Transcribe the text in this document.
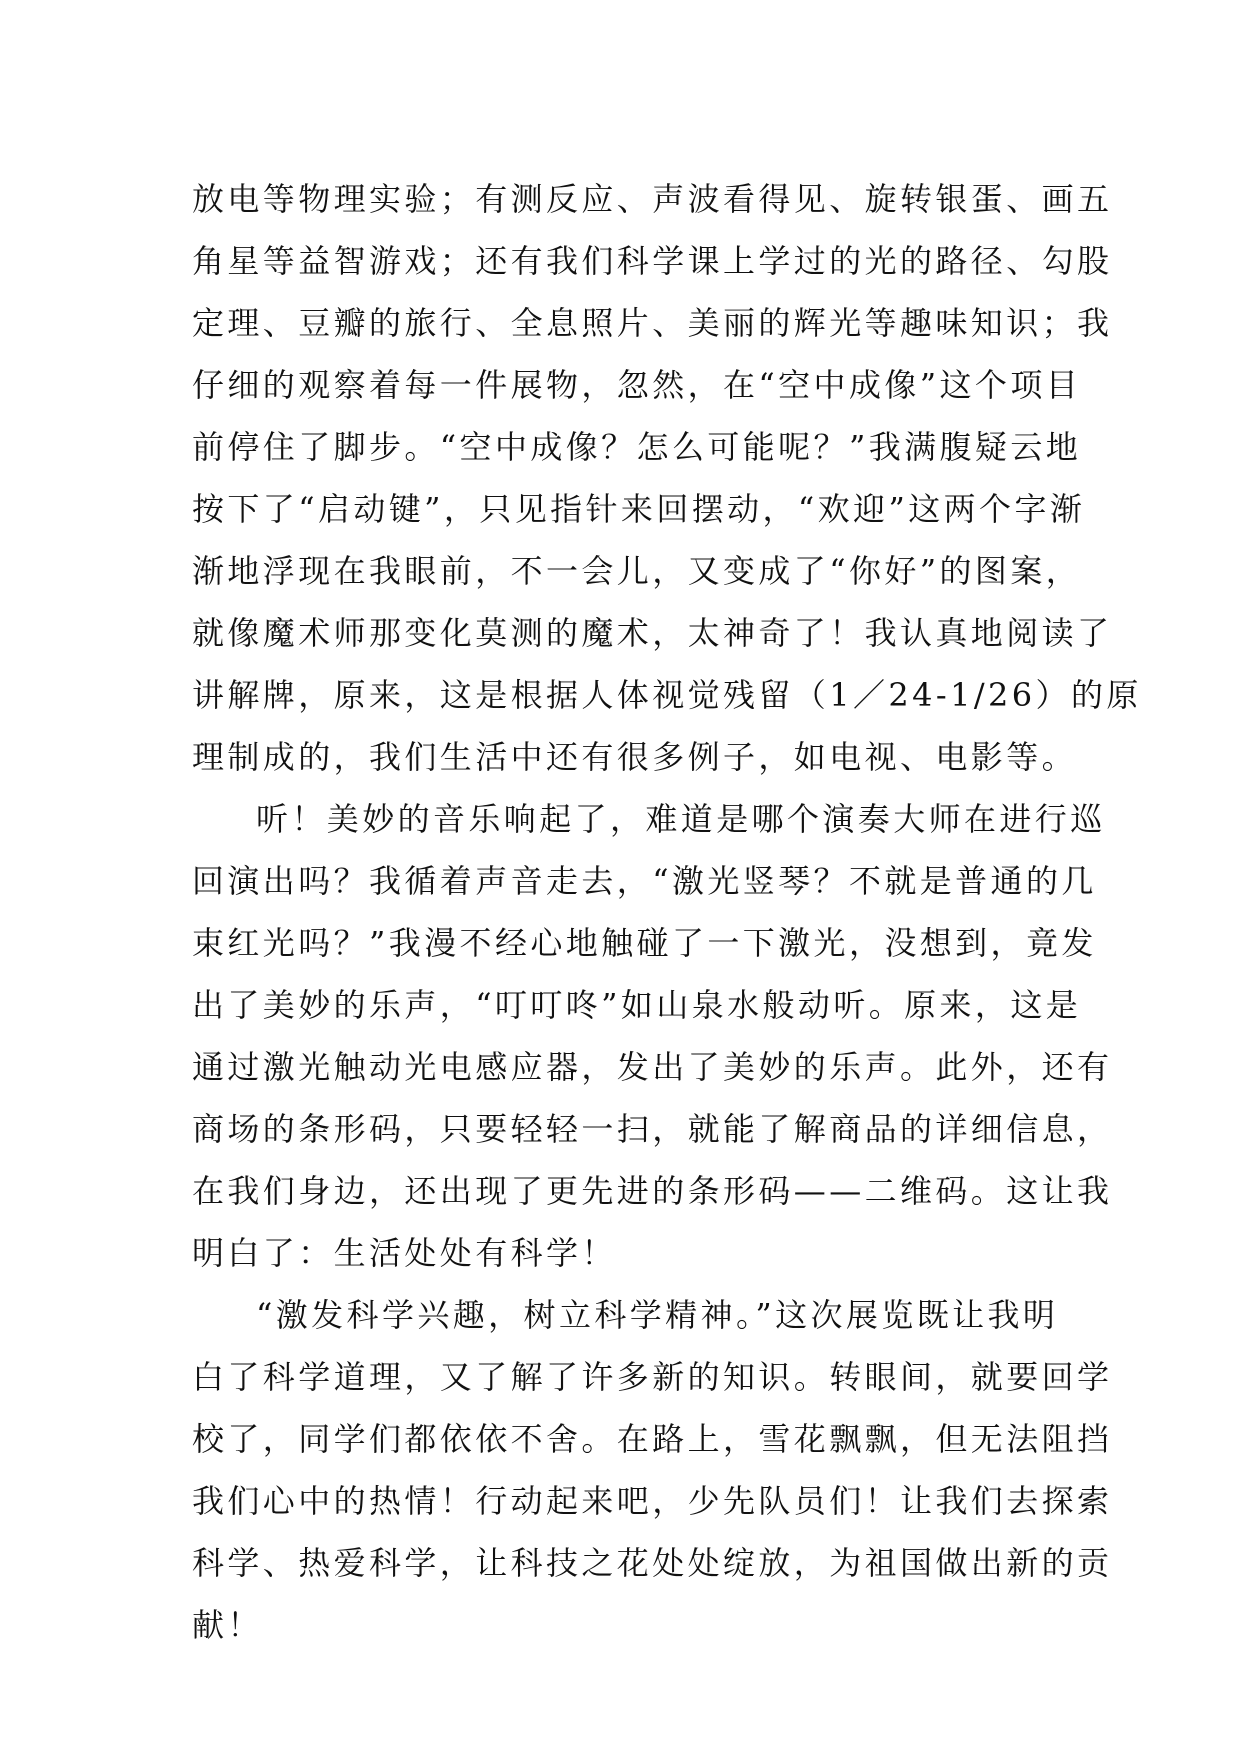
放电等物理实验；有测反应、声波看得见、旋转银蛋、画五
角星等益智游戏；还有我们科学课上学过的光的路径、勾股
定理、豆瓣的旅行、全息照片、美丽的辉光等趣味知识；我
仔细的观察着每一件展物，忽然，在“空中成像”这个项目
前停住了脚步。“空中成像？怎么可能呢？”我满腹疑云地
按下了“启动键”，只见指针来回摆动，“欢迎”这两个字渐
渐地浮现在我眼前，不一会儿，又变成了“你好”的图案，
就像魔术师那变化莫测的魔术，太神奇了！我认真地阅读了
讲解牌，原来，这是根据人体视觉残留（1／24-1/26）的原
理制成的，我们生活中还有很多例子，如电视、电影等。

听！美妙的音乐响起了，难道是哪个演奏大师在进行巡
回演出吗？我循着声音走去，“激光竖琴？不就是普通的几
束红光吗？”我漫不经心地触碰了一下激光，没想到，竟发
出了美妙的乐声，“叮叮咚”如山泉水般动听。原来，这是
通过激光触动光电感应器，发出了美妙的乐声。此外，还有
商场的条形码，只要轻轻一扫，就能了解商品的详细信息，
在我们身边，还出现了更先进的条形码——二维码。这让我
明白了：生活处处有科学！

“激发科学兴趣，树立科学精神。”这次展览既让我明
白了科学道理，又了解了许多新的知识。转眼间，就要回学
校了，同学们都依依不舍。在路上，雪花飘飘，但无法阻挡
我们心中的热情！行动起来吧，少先队员们！让我们去探索
科学、热爱科学，让科技之花处处绽放，为祖国做出新的贡
献！
